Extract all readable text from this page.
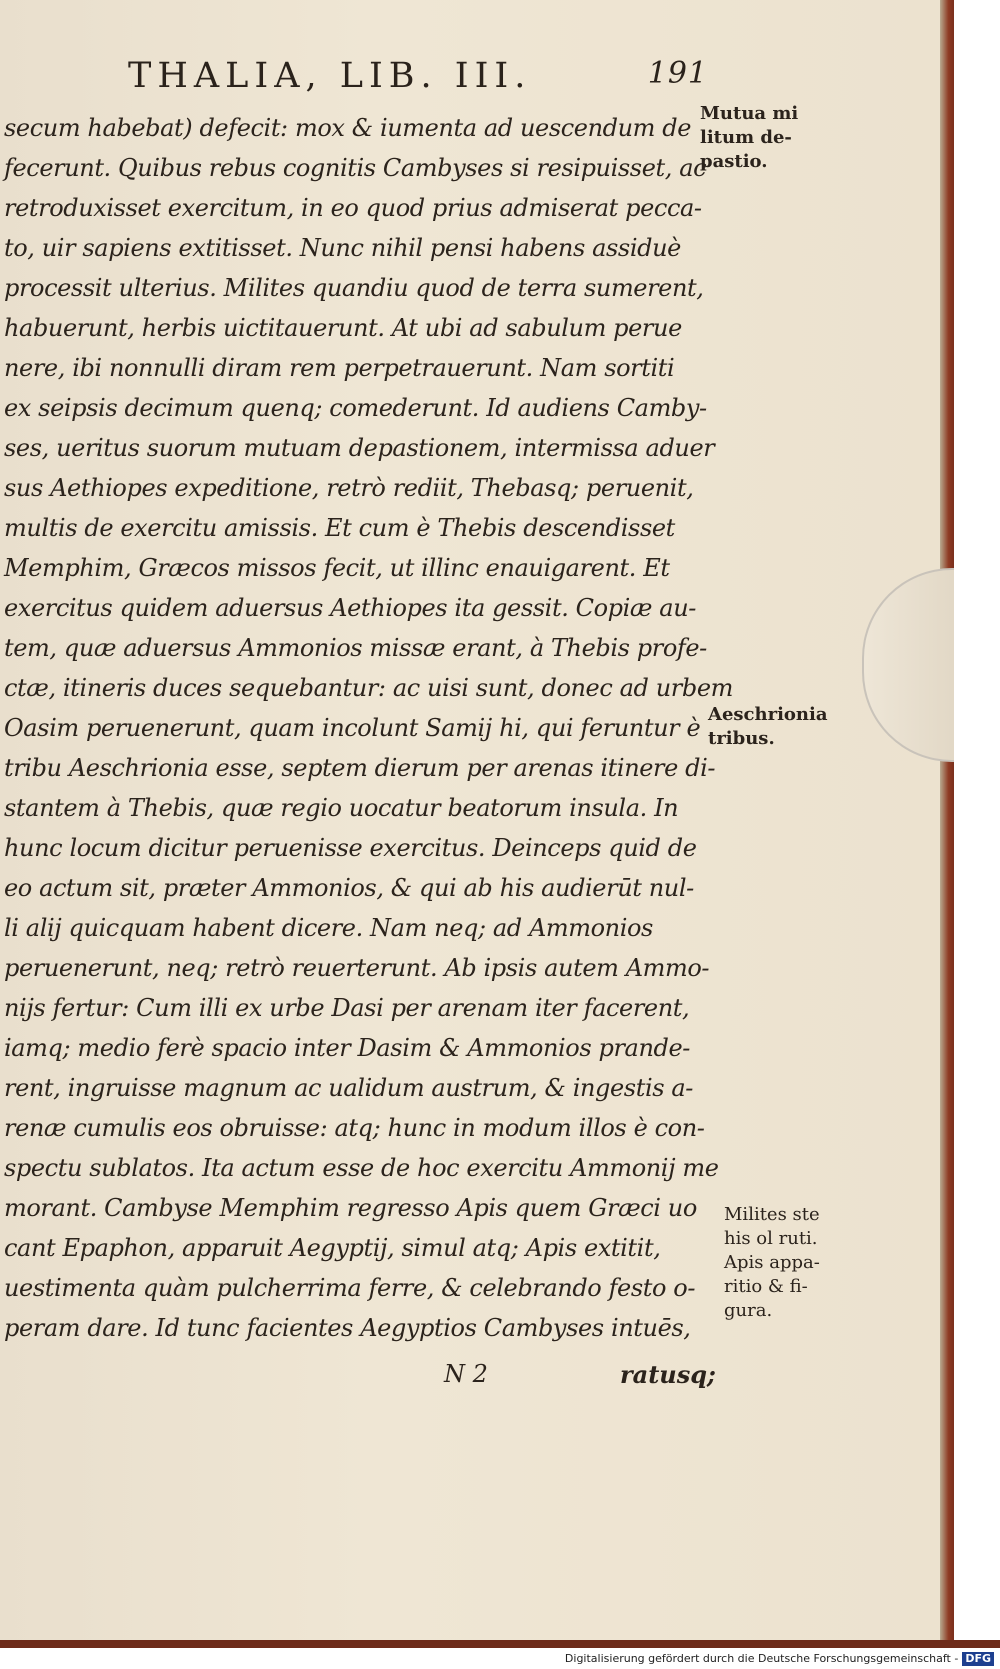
THALIA, LIB. III.	191
secum habebat) defecit: mox & iumenta ad uescendum de
fecerunt. Quibus rebus cognitis Cambyses si resipuisset, ac
retroduxisset exercitum, in eo quod prius admiserat pecca-
to, uir sapiens extitisset. Nunc nihil pensi habens assiduè
processit ulterius. Milites quandiu quod de terra sumerent,
habuerunt, herbis uictitauerunt. At ubi ad sabulum perue
nere, ibi nonnulli diram rem perpetrauerunt. Nam sortiti
ex seipsis decimum quenq; comederunt. Id audiens Camby-
ses, ueritus suorum mutuam depastionem, intermissa aduer
sus Aethiopes expeditione, retrò rediit, Thebasq; peruenit,
multis de exercitu amissis. Et cum è Thebis descendisset
Memphim, Græcos missos fecit, ut illinc enauigarent. Et
exercitus quidem aduersus Aethiopes ita gessit. Copiæ au-
tem, quæ aduersus Ammonios missæ erant, à Thebis profe-
ctæ, itineris duces sequebantur: ac uisi sunt, donec ad urbem
Oasim peruenerunt, quam incolunt Samij hi, qui feruntur è
tribu Aeschrionia esse, septem dierum per arenas itinere di-
stantem à Thebis, quæ regio uocatur beatorum insula. In
hunc locum dicitur peruenisse exercitus. Deinceps quid de
eo actum sit, præter Ammonios, & qui ab his audierūt nul-
li alij quicquam habent dicere. Nam neq; ad Ammonios
peruenerunt, neq; retrò reuerterunt. Ab ipsis autem Ammo-
nijs fertur: Cum illi ex urbe Dasi per arenam iter facerent,
iamq; medio ferè spacio inter Dasim & Ammonios prande-
rent, ingruisse magnum ac ualidum austrum, & ingestis a-
renæ cumulis eos obruisse: atq; hunc in modum illos è con-
spectu sublatos. Ita actum esse de hoc exercitu Ammonij me
morant. Cambyse Memphim regresso Apis quem Græci uo
cant Epaphon, apparuit Aegyptij, simul atq; Apis extitit,
uestimenta quàm pulcherrima ferre, & celebrando festo o-
peram dare. Id tunc facientes Aegyptios Cambyses intuēs,
Mutua mi
litum de-
pastio.
Aeschrionia
tribus.
Milites ste
his ol ruti.
Apis appa-
ritio & fi-
gura.
N 2	ratusq;
Digitalisierung gefördert durch die Deutsche Forschungsgemeinschaft - DFG
